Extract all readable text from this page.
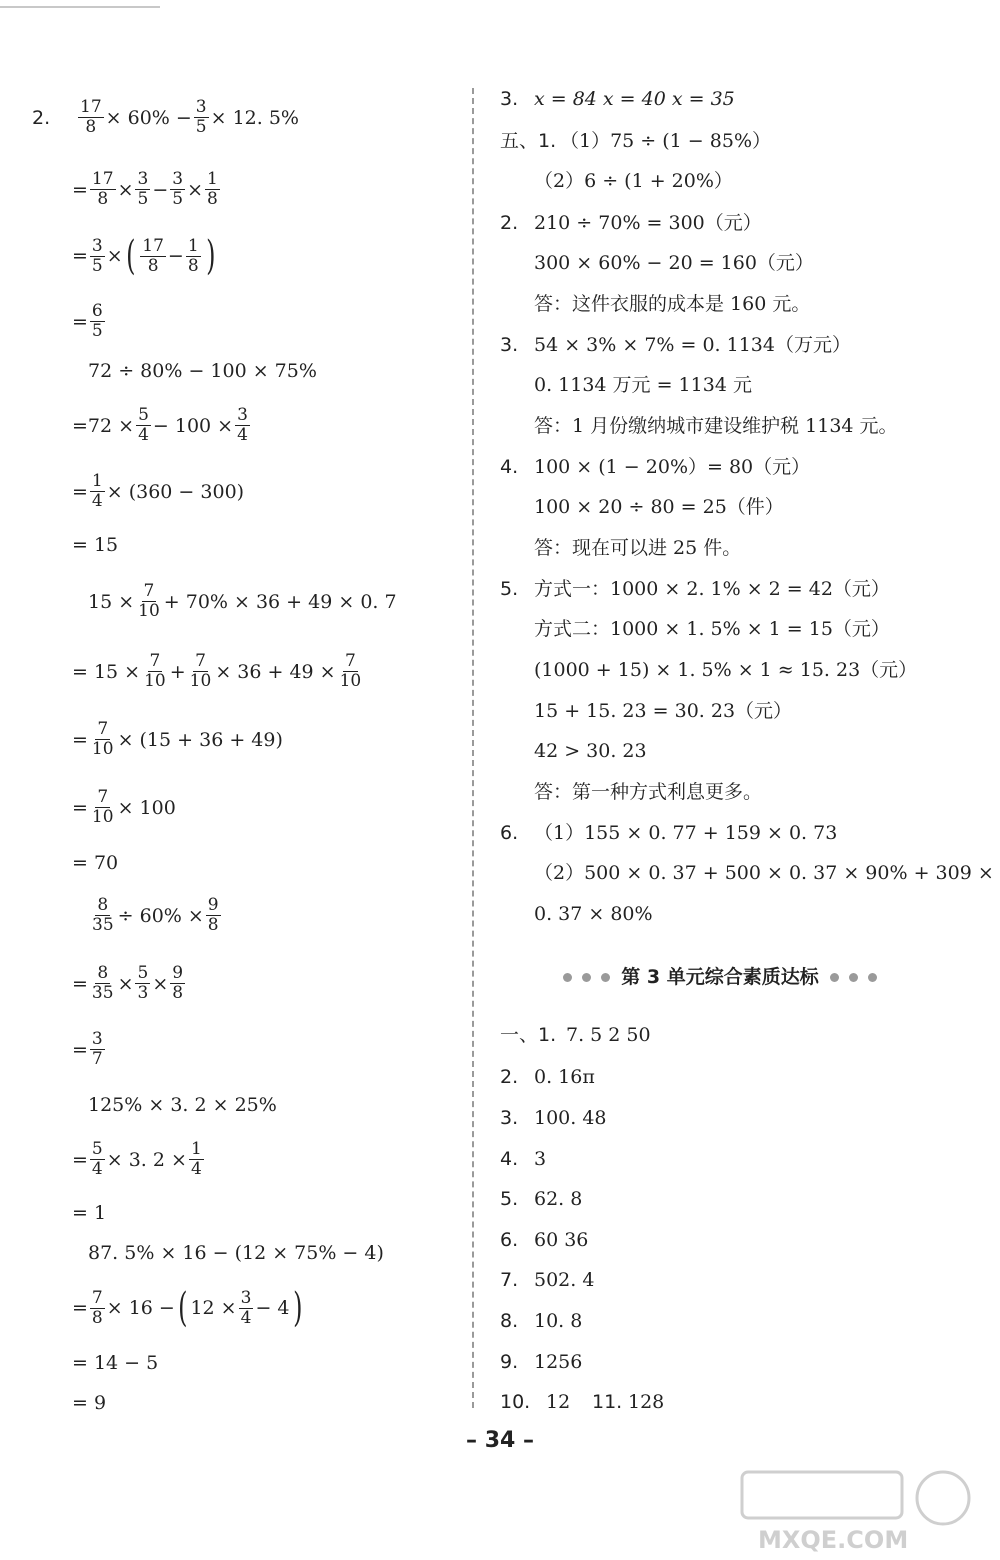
2.	$\frac{17}{8} \times 60\% - \frac{3}{5} \times 12$. 5%
= $\frac{17}{8} \times \frac{3}{5} - \frac{3}{5} \times \frac{1}{8}$
= $\frac{3}{5}$ × ( $\frac{17}{8} - \frac{1}{8}$ )
= $\frac{6}{5}$
72 ÷ 80% − 100 × 75%
$=72 \times \frac{5}{4} - 100 \times \frac{3}{4}$
= $\frac{1}{4} \times (360 - 300)$
= 15
$15 \times \frac{7}{10} + 70\% \times 36 + 49 \times 0$. 7
= $15 \times \frac{7}{10} + \frac{7}{10} \times 36 + 49 \times \frac{7}{10}$
= $\frac{7}{10} \times (15 + 36 + 49)$
= $\frac{7}{10} \times 100$
= 70
$\frac{8}{35} \div 60\% \times \frac{9}{8}$
= $\frac{8}{35} \times \frac{5}{3} \times \frac{9}{8}$
= $\frac{3}{7}$
125% × 3. 2 × 25%
= $\frac{5}{4} \times 3$. $2 \times \frac{1}{4}$
= 1
87. 5% × 16 − (12 × 75% − 4)
= $\frac{7}{8} \times 16$ − ( $12 \times \frac{3}{4} - 4$ )
= 14 − 5
= 9
3. x = 84 x = 40 x = 35
五、1. （1）75 ÷ (1 − 85%）
（2）6 ÷ (1 + 20%）
2. 210 ÷ 70% = 300（元）
300 × 60% − 20 = 160（元）
答：这件衣服的成本是 160 元。
3. 54 × 3% × 7% = 0. 1134（万元）
0. 1134 万元 = 1134 元
答：1 月份缴纳城市建设维护税 1134 元。
4. 100 × (1 − 20%）= 80（元）
100 × 20 ÷ 80 = 25（件）
答：现在可以进 25 件。
5. 方式一：1000 × 2. 1% × 2 = 42（元）
方式二：1000 × 1. 5% × 1 = 15（元）
(1000 + 15) × 1. 5% × 1 ≈ 15. 23（元）
15 + 15. 23 = 30. 23（元）
42 > 30. 23
答：第一种方式利息更多。
6. （1）155 × 0. 77 + 159 × 0. 73
（2）500 × 0. 37 + 500 × 0. 37 × 90% + 309 ×
0. 37 × 80%
第 3 单元综合素质达标
一、1. 7. 5 2 50
2. 0. 16π
3. 100. 48
4. 3
5. 62. 8
6. 60 36
7. 502. 4
8. 10. 8
9. 1256
10. 12	11. 128
– 34 –
MXQE.COM
